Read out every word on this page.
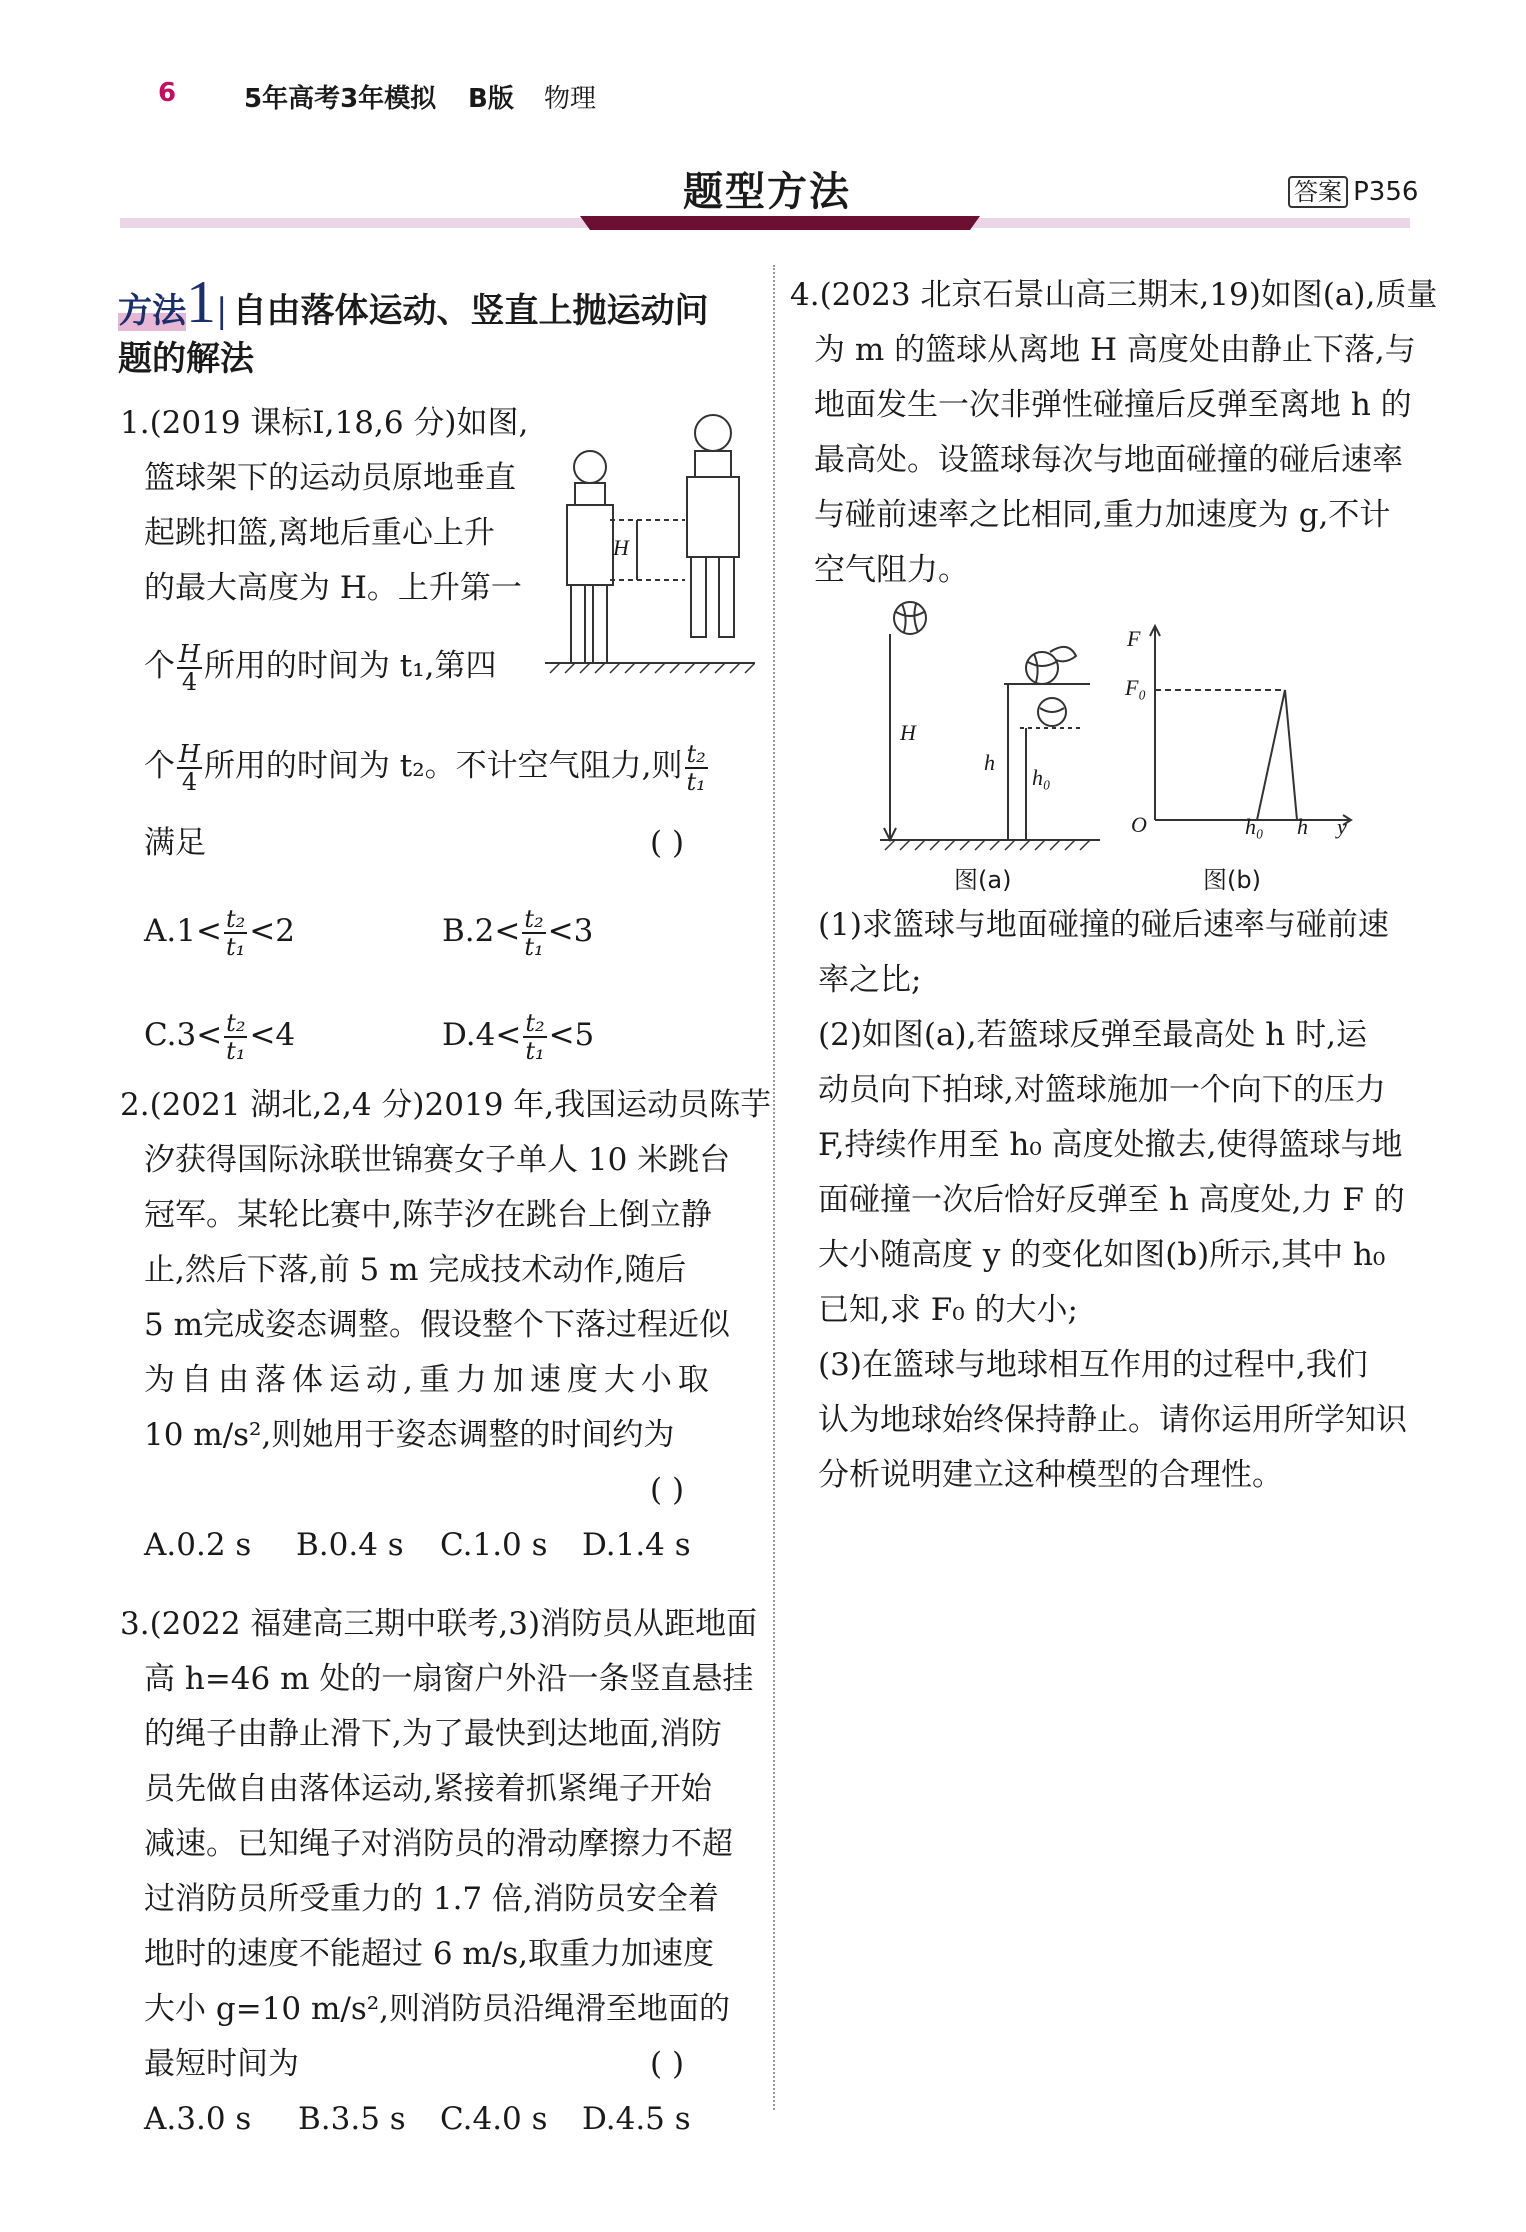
6	5年高考3年模拟 B版 物理
题型方法	答案 P356
方法1| 自由落体运动、竖直上抛运动问
题的解法
1.(2019 课标Ⅰ,18,6 分)如图,
篮球架下的运动员原地垂直
起跳扣篮,离地后重心上升
的最大高度为 H。上升第一
个 $\frac{H}{4}$ 所用的时间为 t₁,第四
个 $\frac{H}{4}$ 所用的时间为 t₂。不计空气阻力,则 $\frac{\text{t₂}}{\text{t₁}}$
满足	( )
$A.1< \frac{\text{t₂}}{\text{t₁}} <2$	$B.2< \frac{\text{t₂}}{\text{t₁}} <3$
$C.3< \frac{\text{t₂}}{\text{t₁}} <4$	$D.4< \frac{\text{t₂}}{\text{t₁}} <5$
H
2.(2021 湖北,2,4 分)2019 年,我国运动员陈芋
汐获得国际泳联世锦赛女子单人 10 米跳台
冠军。某轮比赛中,陈芋汐在跳台上倒立静
止,然后下落,前 5 m 完成技术动作,随后
5 m完成姿态调整。假设整个下落过程近似
为自由落体运动,重力加速度大小取
10 m/s²,则她用于姿态调整的时间约为
( )
A.0.2 s B.0.4 s C.1.0 s D.1.4 s
3.(2022 福建高三期中联考,3)消防员从距地面
高 h=46 m 处的一扇窗户外沿一条竖直悬挂
的绳子由静止滑下,为了最快到达地面,消防
员先做自由落体运动,紧接着抓紧绳子开始
减速。已知绳子对消防员的滑动摩擦力不超
过消防员所受重力的 1.7 倍,消防员安全着
地时的速度不能超过 6 m/s,取重力加速度
大小 g=10 m/s²,则消防员沿绳滑至地面的
最短时间为	( )
A.3.0 s B.3.5 s C.4.0 s D.4.5 s
4.(2023 北京石景山高三期末,19)如图(a),质量
为 m 的篮球从离地 H 高度处由静止下落,与
地面发生一次非弹性碰撞后反弹至离地 h 的
最高处。设篮球每次与地面碰撞的碰后速率
与碰前速率之比相同,重力加速度为 g,不计
空气阻力。
H
h
h₀
图(a)
F
F₀
O	h₀ h y
图(b)
(1)求篮球与地面碰撞的碰后速率与碰前速
率之比;
(2)如图(a),若篮球反弹至最高处 h 时,运
动员向下拍球,对篮球施加一个向下的压力
F,持续作用至 h₀ 高度处撤去,使得篮球与地
面碰撞一次后恰好反弹至 h 高度处,力 F 的
大小随高度 y 的变化如图(b)所示,其中 h₀
已知,求 F₀ 的大小;
(3)在篮球与地球相互作用的过程中,我们
认为地球始终保持静止。请你运用所学知识
分析说明建立这种模型的合理性。
